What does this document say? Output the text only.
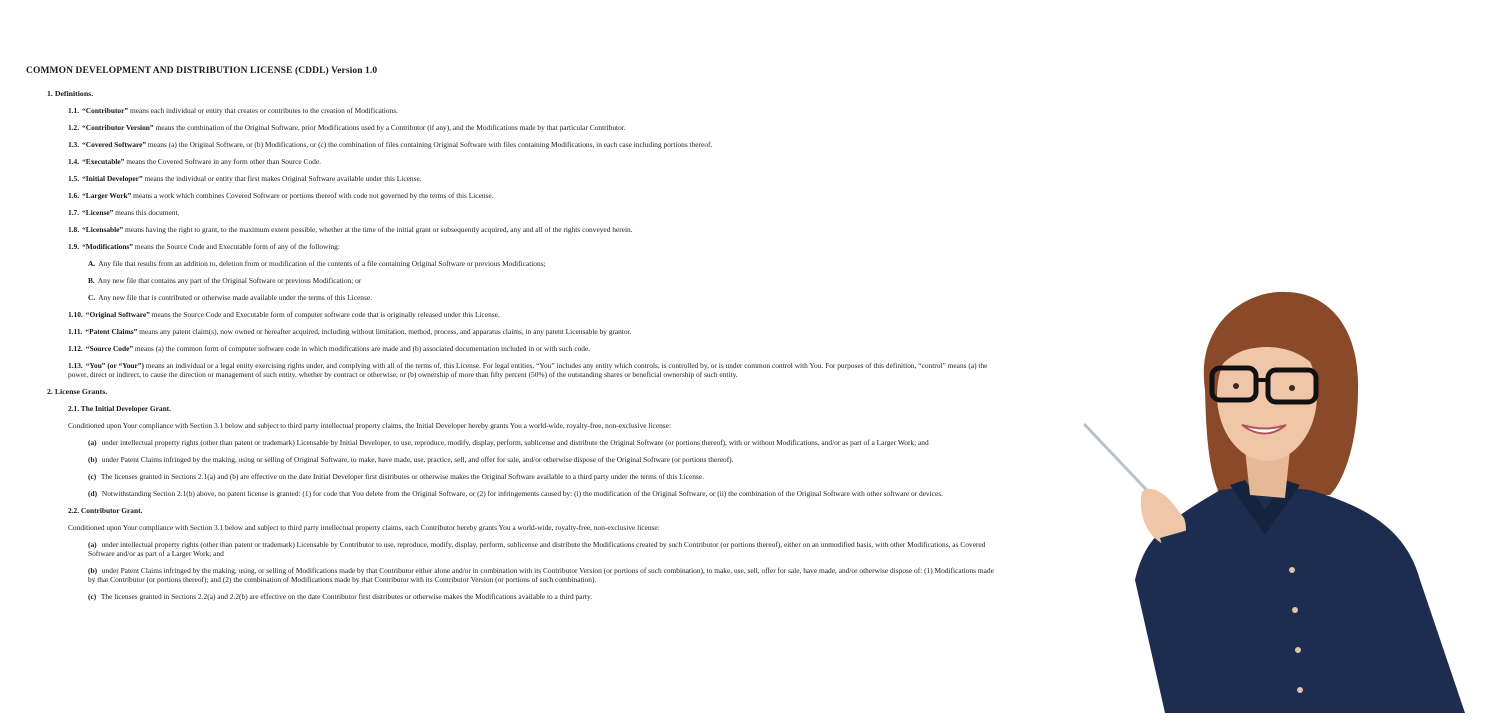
COMMON DEVELOPMENT AND DISTRIBUTION LICENSE (CDDL) Version 1.0
1. Definitions.
1.1. “Contributor” means each individual or entity that creates or contributes to the creation of Modifications.
1.2. “Contributor Version” means the combination of the Original Software, prior Modifications used by a Contributor (if any), and the Modifications made by that particular Contributor.
1.3. “Covered Software” means (a) the Original Software, or (b) Modifications, or (c) the combination of files containing Original Software with files containing Modifications, in each case including portions thereof.
1.4. “Executable” means the Covered Software in any form other than Source Code.
1.5. “Initial Developer” means the individual or entity that first makes Original Software available under this License.
1.6. “Larger Work” means a work which combines Covered Software or portions thereof with code not governed by the terms of this License.
1.7. “License” means this document.
1.8. “Licensable” means having the right to grant, to the maximum extent possible, whether at the time of the initial grant or subsequently acquired, any and all of the rights conveyed herein.
1.9. “Modifications” means the Source Code and Executable form of any of the following:
A. Any file that results from an addition to, deletion from or modification of the contents of a file containing Original Software or previous Modifications;
B. Any new file that contains any part of the Original Software or previous Modification; or
C. Any new file that is contributed or otherwise made available under the terms of this License.
1.10. “Original Software” means the Source Code and Executable form of computer software code that is originally released under this License.
1.11. “Patent Claims” means any patent claim(s), now owned or hereafter acquired, including without limitation, method, process, and apparatus claims, in any patent Licensable by grantor.
1.12. “Source Code” means (a) the common form of computer software code in which modifications are made and (b) associated documentation included in or with such code.
1.13. “You” (or “Your”) means an individual or a legal entity exercising rights under, and complying with all of the terms of, this License. For legal entities, “You” includes any entity which controls, is controlled by, or is under common control with You. For purposes of this definition, “control” means (a) the power, direct or indirect, to cause the direction or management of such entity, whether by contract or otherwise, or (b) ownership of more than fifty percent (50%) of the outstanding shares or beneficial ownership of such entity.
2. License Grants.
2.1. The Initial Developer Grant.
Conditioned upon Your compliance with Section 3.1 below and subject to third party intellectual property claims, the Initial Developer hereby grants You a world-wide, royalty-free, non-exclusive license:
(a) under intellectual property rights (other than patent or trademark) Licensable by Initial Developer, to use, reproduce, modify, display, perform, sublicense and distribute the Original Software (or portions thereof), with or without Modifications, and/or as part of a Larger Work; and
(b) under Patent Claims infringed by the making, using or selling of Original Software, to make, have made, use, practice, sell, and offer for sale, and/or otherwise dispose of the Original Software (or portions thereof).
(c) The licenses granted in Sections 2.1(a) and (b) are effective on the date Initial Developer first distributes or otherwise makes the Original Software available to a third party under the terms of this License.
(d) Notwithstanding Section 2.1(b) above, no patent license is granted: (1) for code that You delete from the Original Software, or (2) for infringements caused by: (i) the modification of the Original Software, or (ii) the combination of the Original Software with other software or devices.
2.2. Contributor Grant.
Conditioned upon Your compliance with Section 3.1 below and subject to third party intellectual property claims, each Contributor hereby grants You a world-wide, royalty-free, non-exclusive license:
(a) under intellectual property rights (other than patent or trademark) Licensable by Contributor to use, reproduce, modify, display, perform, sublicense and distribute the Modifications created by such Contributor (or portions thereof), either on an unmodified basis, with other Modifications, as Covered Software and/or as part of a Larger Work; and
(b) under Patent Claims infringed by the making, using, or selling of Modifications made by that Contributor either alone and/or in combination with its Contributor Version (or portions of such combination), to make, use, sell, offer for sale, have made, and/or otherwise dispose of: (1) Modifications made by that Contributor (or portions thereof); and (2) the combination of Modifications made by that Contributor with its Contributor Version (or portions of such combination).
(c) The licenses granted in Sections 2.2(a) and 2.2(b) are effective on the date Contributor first distributes or otherwise makes the Modifications available to a third party.
